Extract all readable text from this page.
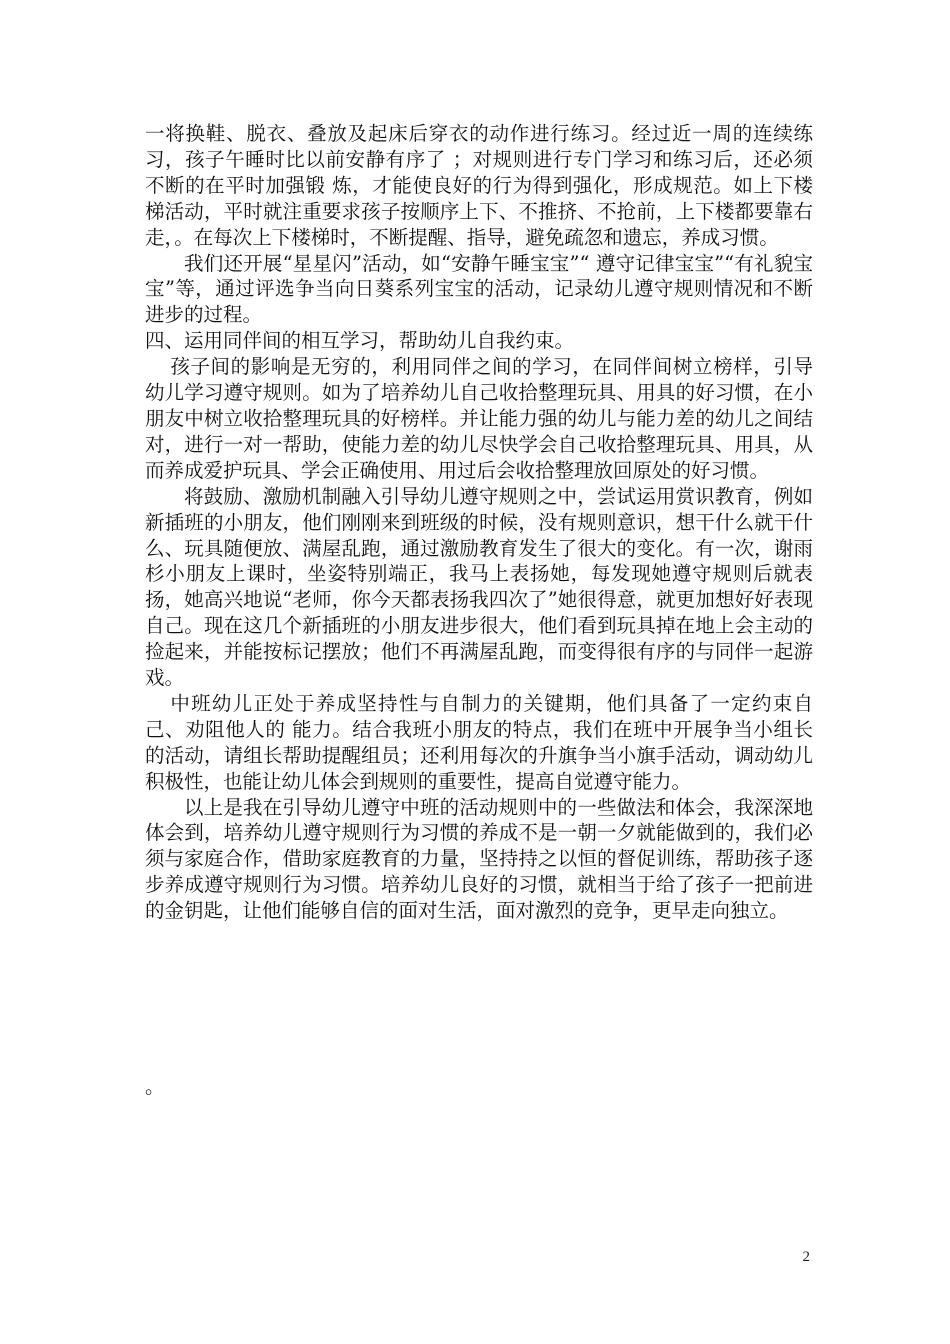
一将换鞋、脱衣、叠放及起床后穿衣的动作进行练习。经过近一周的连续练习，孩子午睡时比以前安静有序了 ；对规则进行专门学习和练习后，还必须不断的在平时加强锻 炼，才能使良好的行为得到强化，形成规范。如上下楼梯活动，平时就注重要求孩子按顺序上下、不推挤、不抢前，上下楼都要靠右走，。在每次上下楼梯时，不断提醒、指导，避免疏忽和遗忘，养成习惯。

我们还开展“星星闪”活动，如“安静午睡宝宝”“ 遵守记律宝宝”“有礼貌宝宝”等，通过评选争当向日葵系列宝宝的活动，记录幼儿遵守规则情况和不断进步的过程。

四、运用同伴间的相互学习，帮助幼儿自我约束。

孩子间的影响是无穷的，利用同伴之间的学习，在同伴间树立榜样，引导幼儿学习遵守规则。如为了培养幼儿自己收拾整理玩具、用具的好习惯，在小朋友中树立收拾整理玩具的好榜样。并让能力强的幼儿与能力差的幼儿之间结对，进行一对一帮助，使能力差的幼儿尽快学会自己收拾整理玩具、用具，从而养成爱护玩具、学会正确使用、用过后会收拾整理放回原处的好习惯。

将鼓励、激励机制融入引导幼儿遵守规则之中，尝试运用赏识教育，例如新插班的小朋友，他们刚刚来到班级的时候，没有规则意识，想干什么就干什么、玩具随便放、满屋乱跑，通过激励教育发生了很大的变化。有一次，谢雨杉小朋友上课时，坐姿特别端正，我马上表扬她，每发现她遵守规则后就表扬，她高兴地说“老师，你今天都表扬我四次了”她很得意，就更加想好好表现自己。现在这几个新插班的小朋友进步很大，他们看到玩具掉在地上会主动的捡起来，并能按标记摆放；他们不再满屋乱跑，而变得很有序的与同伴一起游戏。

中班幼儿正处于养成坚持性与自制力的关键期，他们具备了一定约束自己、劝阻他人的 能力。结合我班小朋友的特点，我们在班中开展争当小组长的活动，请组长帮助提醒组员；还利用每次的升旗争当小旗手活动，调动幼儿积极性，也能让幼儿体会到规则的重要性，提高自觉遵守能力。

以上是我在引导幼儿遵守中班的活动规则中的一些做法和体会，我深深地体会到，培养幼儿遵守规则行为习惯的养成不是一朝一夕就能做到的，我们必须与家庭合作，借助家庭教育的力量，坚持持之以恒的督促训练，帮助孩子逐步养成遵守规则行为习惯。培养幼儿良好的习惯，就相当于给了孩子一把前进的金钥匙，让他们能够自信的面对生活，面对激烈的竞争，更早走向独立。

。
2
